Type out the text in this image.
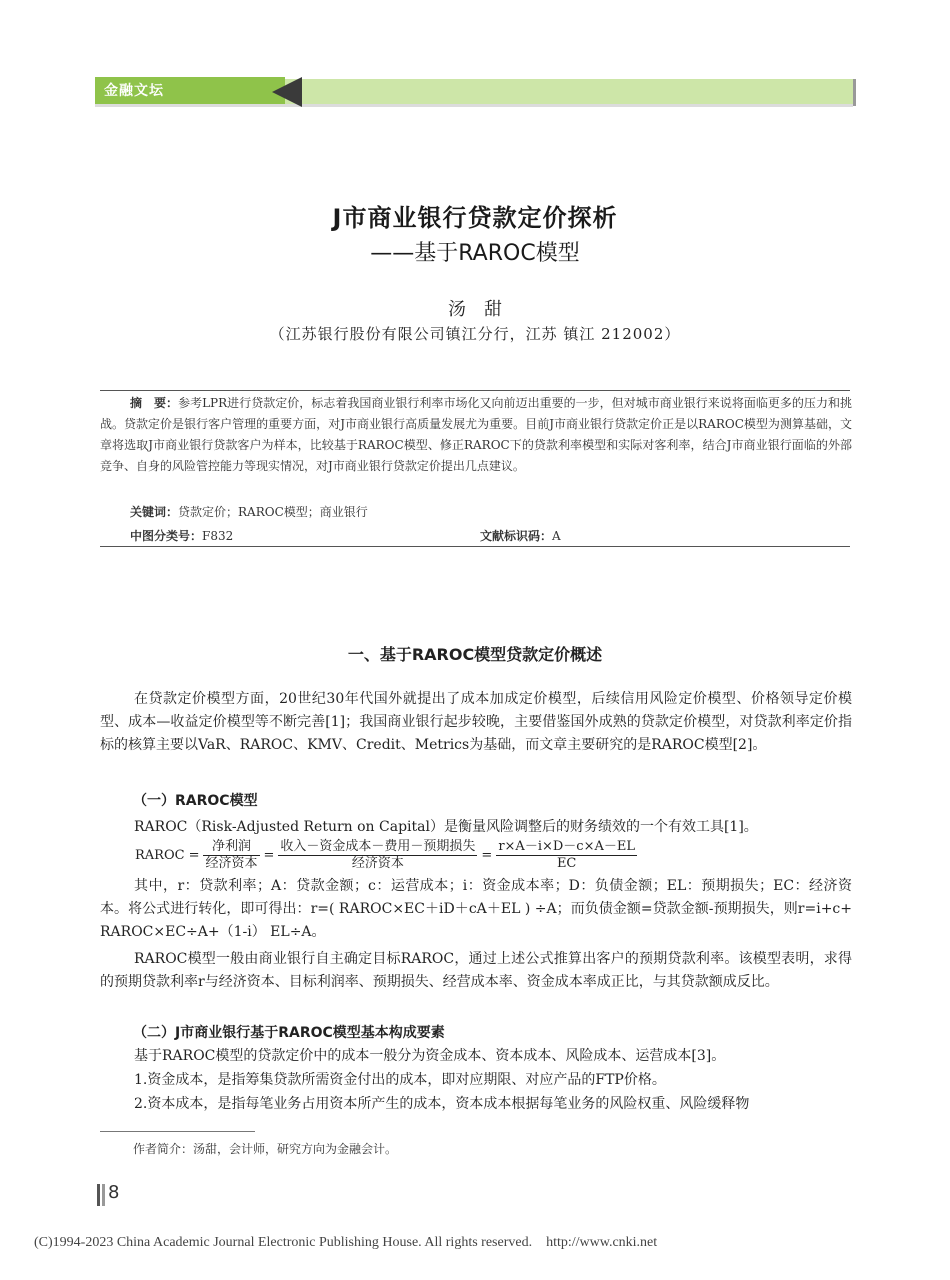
金融文坛
J市商业银行贷款定价探析
——基于RAROC模型
汤甜
（江苏银行股份有限公司镇江分行，江苏 镇江 212002）
摘　要：参考LPR进行贷款定价，标志着我国商业银行利率市场化又向前迈出重要的一步，但对城市商业银行来说将面临更多的压力和挑战。贷款定价是银行客户管理的重要方面，对J市商业银行高质量发展尤为重要。目前J市商业银行贷款定价正是以RAROC模型为测算基础，文章将选取J市商业银行贷款客户为样本，比较基于RAROC模型、修正RAROC下的贷款利率模型和实际对客利率，结合J市商业银行面临的外部竞争、自身的风险管控能力等现实情况，对J市商业银行贷款定价提出几点建议。
关键词：贷款定价；RAROC模型；商业银行
中图分类号：F832	文献标识码：A
一、基于RAROC模型贷款定价概述

在贷款定价模型方面，20世纪30年代国外就提出了成本加成定价模型，后续信用风险定价模型、价格领导定价模型、成本—收益定价模型等不断完善[1]；我国商业银行起步较晚，主要借鉴国外成熟的贷款定价模型，对贷款利率定价指标的核算主要以VaR、RAROC、KMV、Credit、Metrics为基础，而文章主要研究的是RAROC模型[2]。

（一）RAROC模型

RAROC（Risk-Adjusted Return on Capital）是衡量风险调整后的财务绩效的一个有效工具[1]。

RAROC = $\frac{\text{净利润}}{\text{经济资本}} = \frac{\text{收入－资金成本－费用－预期损失}}{\text{经济资本}} = \frac{r\times A-i\times D-c\times A-EL}{EC}$

其中，r：贷款利率；A：贷款金额；c：运营成本；i：资金成本率；D：负债金额；EL：预期损失；EC：经济资本。将公式进行转化，即可得出：r=( RAROC×EC＋iD＋cA＋EL ) ÷A；而负债金额=贷款金额-预期损失，则r=i+c+ RAROC×EC÷A+（1-i） EL÷A。

RAROC模型一般由商业银行自主确定目标RAROC，通过上述公式推算出客户的预期贷款利率。该模型表明，求得的预期贷款利率r与经济资本、目标利润率、预期损失、经营成本率、资金成本率成正比，与其贷款额成反比。

（二）J市商业银行基于RAROC模型基本构成要素

基于RAROC模型的贷款定价中的成本一般分为资金成本、资本成本、风险成本、运营成本[3]。

1.资金成本，是指筹集贷款所需资金付出的成本，即对应期限、对应产品的FTP价格。

2.资本成本，是指每笔业务占用资本所产生的成本，资本成本根据每笔业务的风险权重、风险缓释物

作者简介：汤甜，会计师，研究方向为金融会计。
8
(C)1994-2023 China Academic Journal Electronic Publishing House. All rights reserved.    http://www.cnki.net
